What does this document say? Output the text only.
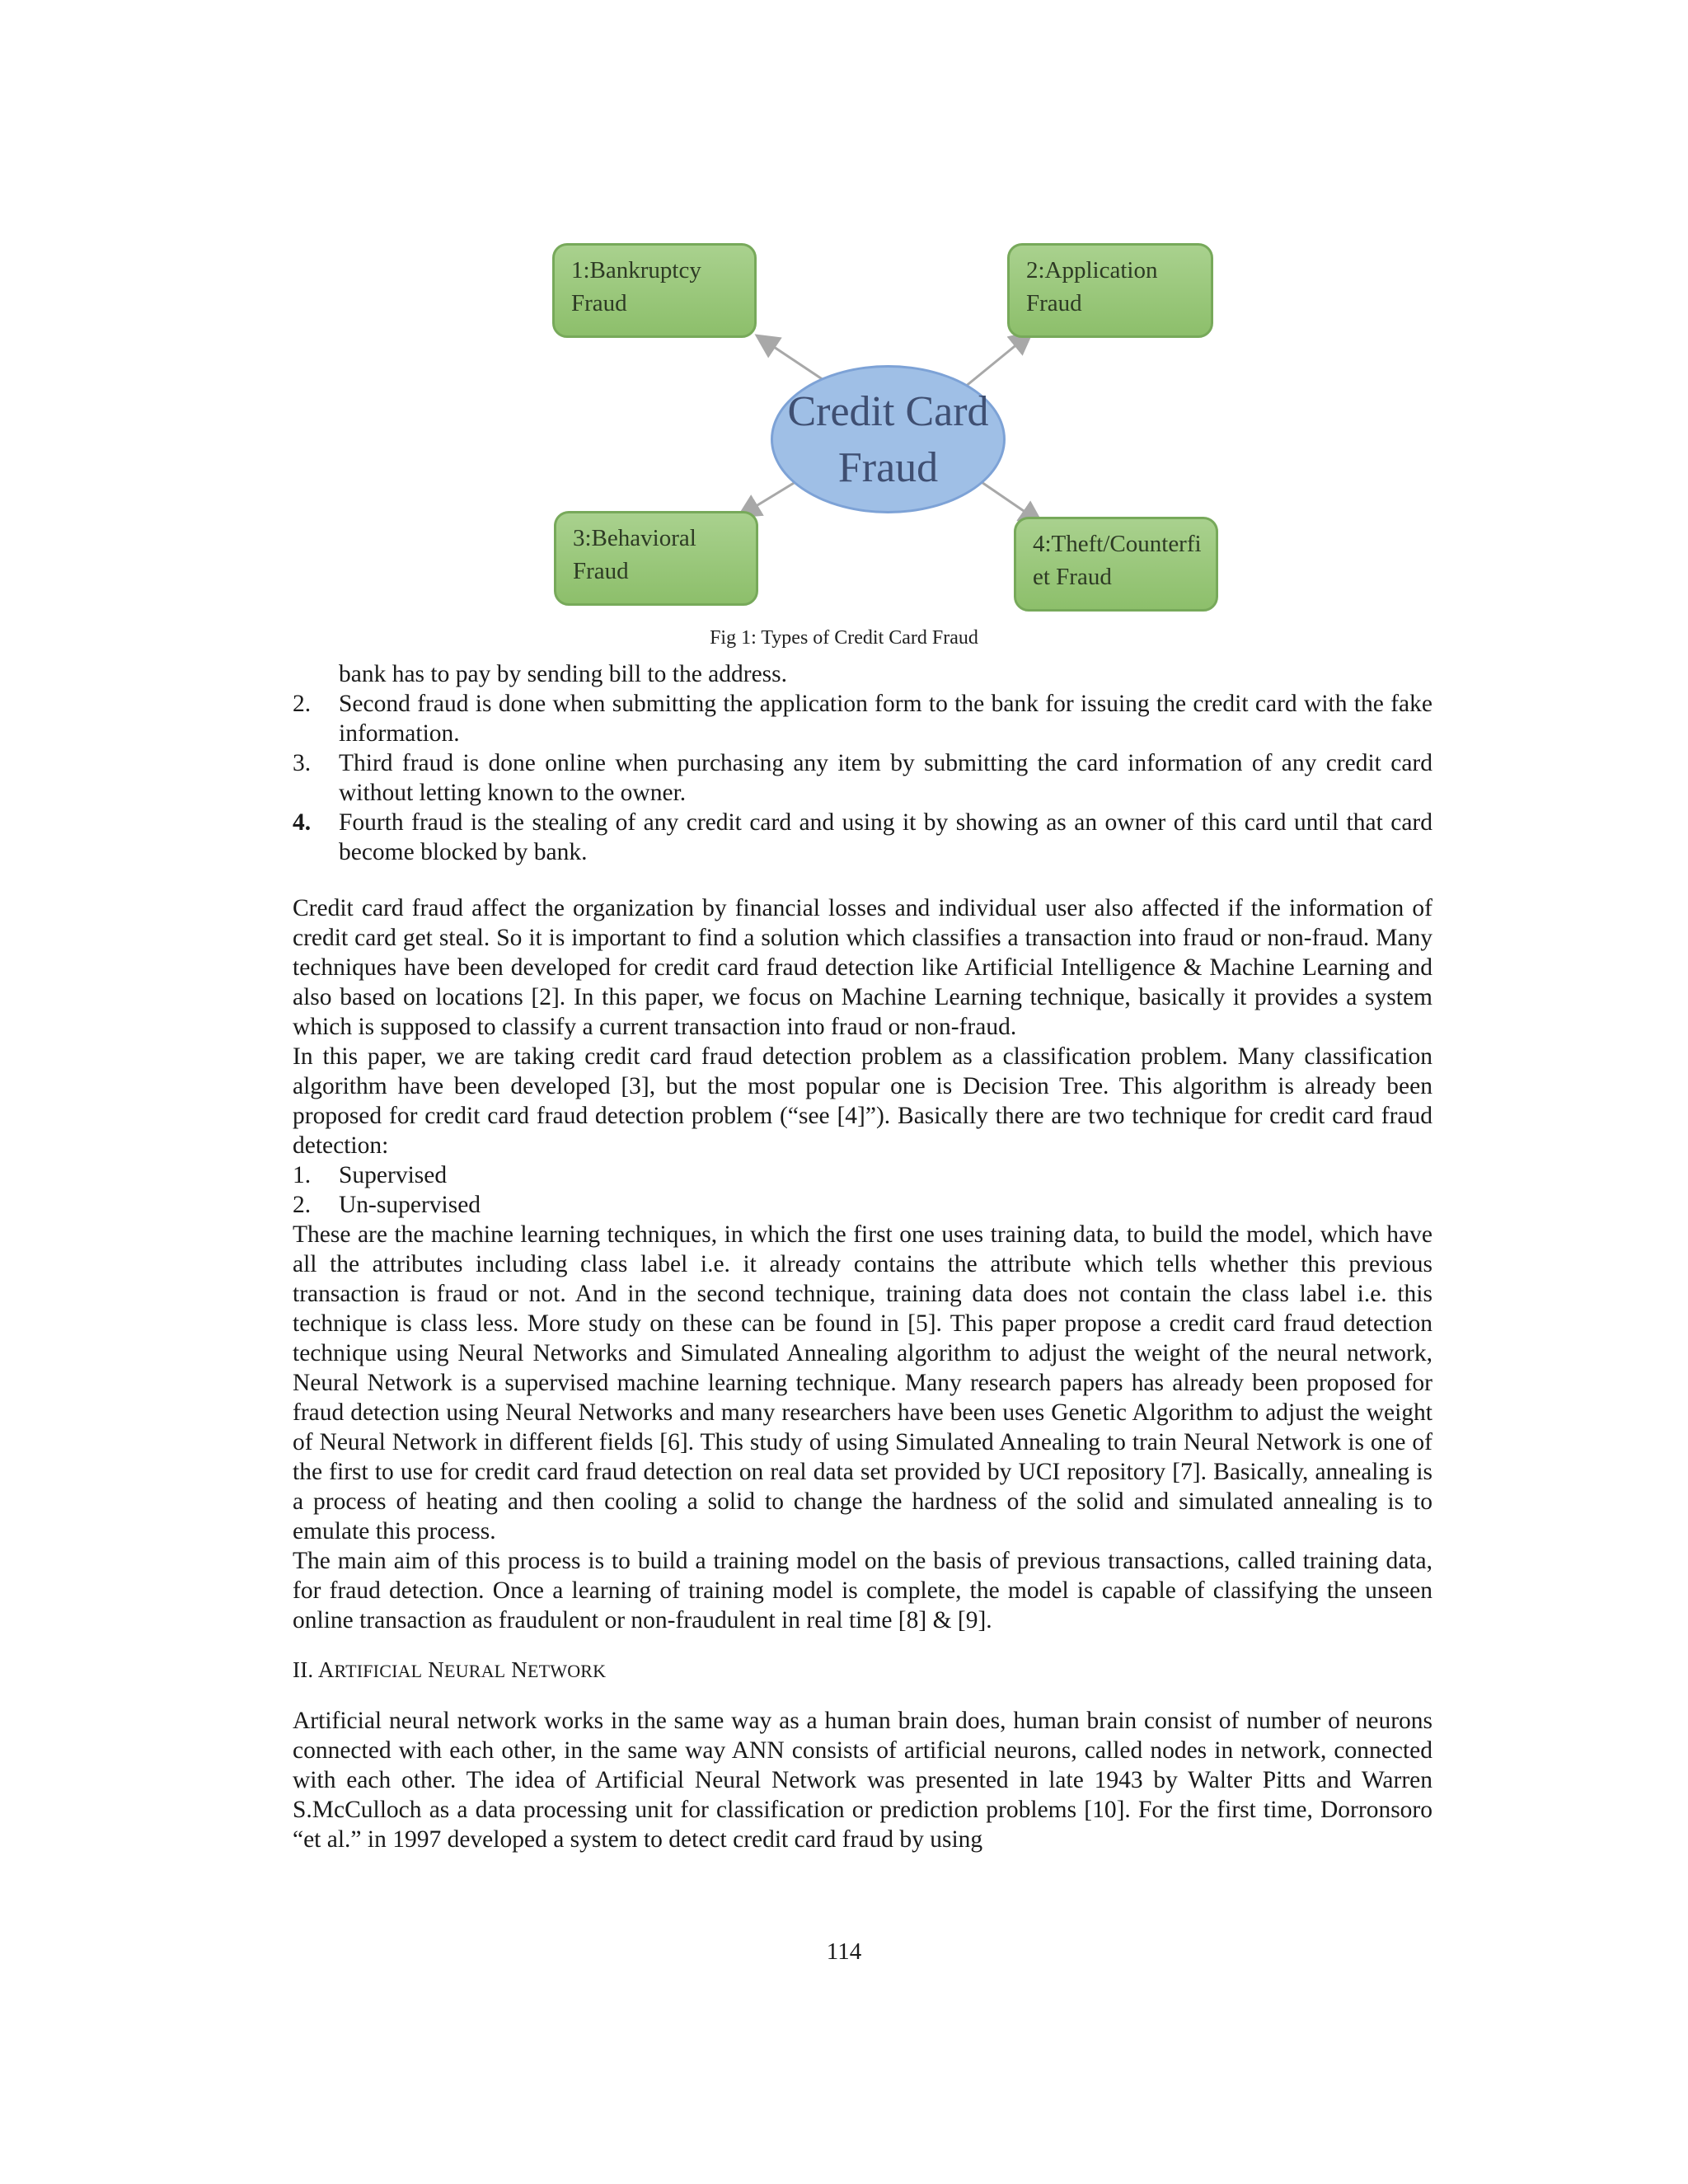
1:Bankruptcy
Fraud
2:Application
Fraud
3:Behavioral
Fraud
4:Theft/Counterfi
et Fraud
Credit Card
Fraud
Fig 1: Types of Credit Card Fraud
bank has to pay by sending bill to the address.
2. Second fraud is done when submitting the application form to the bank for issuing the credit card with the fake information.
3. Third fraud is done online when purchasing any item by submitting the card information of any credit card without letting known to the owner.
4. Fourth fraud is the stealing of any credit card and using it by showing as an owner of this card until that card become blocked by bank.

Credit card fraud affect the organization by financial losses and individual user also affected if the information of credit card get steal. So it is important to find a solution which classifies a transaction into fraud or non-fraud. Many techniques have been developed for credit card fraud detection like Artificial Intelligence & Machine Learning and also based on locations [2]. In this paper, we focus on Machine Learning technique, basically it provides a system which is supposed to classify a current transaction into fraud or non-fraud.

In this paper, we are taking credit card fraud detection problem as a classification problem. Many classification algorithm have been developed [3], but the most popular one is Decision Tree. This algorithm is already been proposed for credit card fraud detection problem (“see [4]”). Basically there are two technique for credit card fraud detection:

1. Supervised
2. Un-supervised

These are the machine learning techniques, in which the first one uses training data, to build the model, which have all the attributes including class label i.e. it already contains the attribute which tells whether this previous transaction is fraud or not. And in the second technique, training data does not contain the class label i.e. this technique is class less. More study on these can be found in [5]. This paper propose a credit card fraud detection technique using Neural Networks and Simulated Annealing algorithm to adjust the weight of the neural network, Neural Network is a supervised machine learning technique. Many research papers has already been proposed for fraud detection using Neural Networks and many researchers have been uses Genetic Algorithm to adjust the weight of Neural Network in different fields [6]. This study of using Simulated Annealing to train Neural Network is one of the first to use for credit card fraud detection on real data set provided by UCI repository [7]. Basically, annealing is a process of heating and then cooling a solid to change the hardness of the solid and simulated annealing is to emulate this process.

The main aim of this process is to build a training model on the basis of previous transactions, called training data, for fraud detection. Once a learning of training model is complete, the model is capable of classifying the unseen online transaction as fraudulent or non-fraudulent in real time [8] & [9].

II. ARTIFICIAL NEURAL NETWORK

Artificial neural network works in the same way as a human brain does, human brain consist of number of neurons connected with each other, in the same way ANN consists of artificial neurons, called nodes in network, connected with each other. The idea of Artificial Neural Network was presented in late 1943 by Walter Pitts and Warren S.McCulloch as a data processing unit for classification or prediction problems [10]. For the first time, Dorronsoro “et al.” in 1997 developed a system to detect credit card fraud by using

114
